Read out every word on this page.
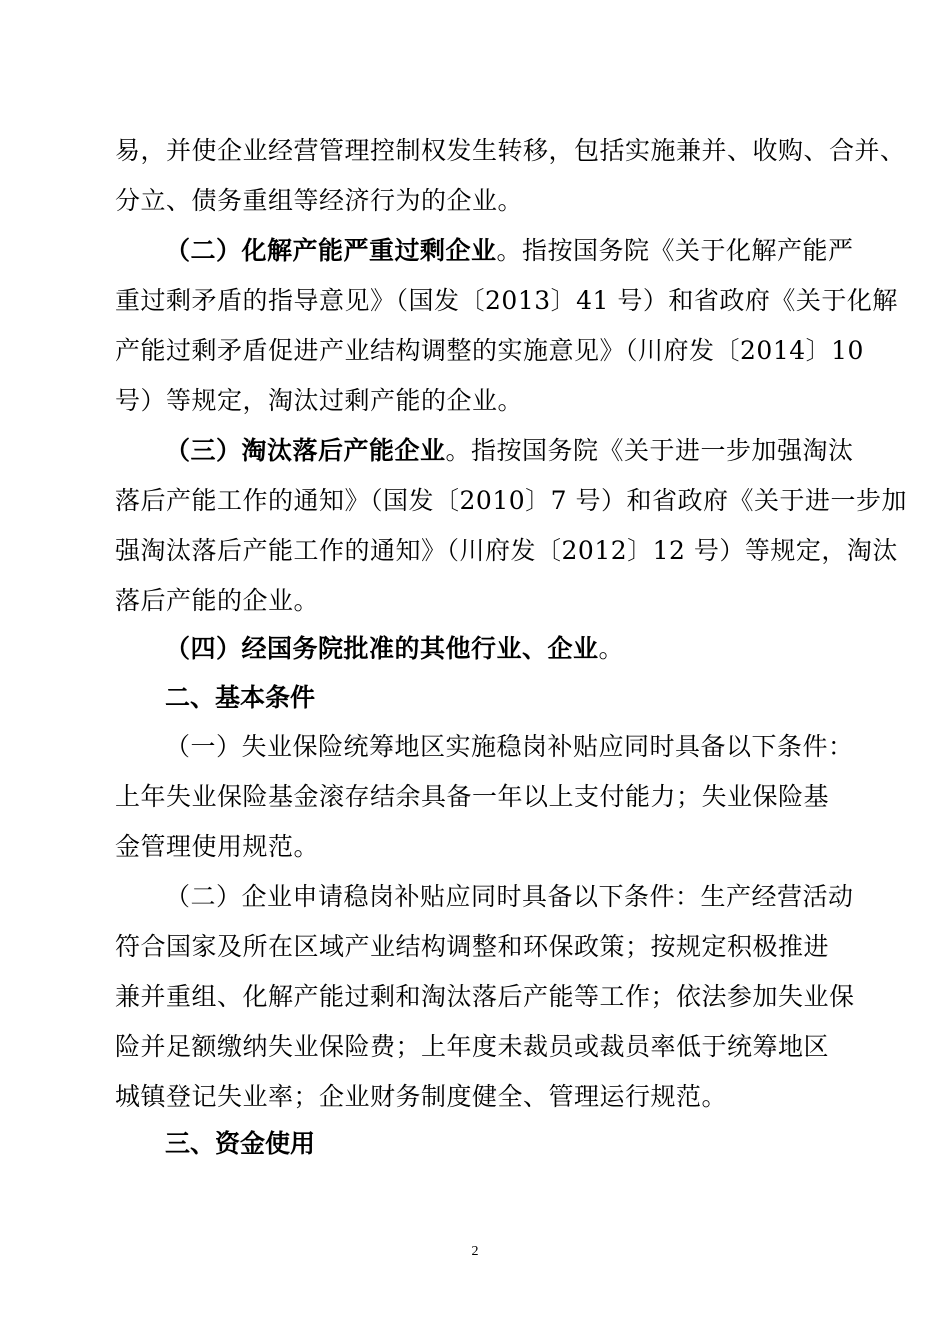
易，并使企业经营管理控制权发生转移，包括实施兼并、收购、合并、
分立、债务重组等经济行为的企业。
（二）化解产能严重过剩企业。指按国务院《关于化解产能严
重过剩矛盾的指导意见》（国发〔2013〕41 号）和省政府《关于化解
产能过剩矛盾促进产业结构调整的实施意见》（川府发〔2014〕10
号）等规定，淘汰过剩产能的企业。
（三）淘汰落后产能企业。指按国务院《关于进一步加强淘汰
落后产能工作的通知》（国发〔2010〕7 号）和省政府《关于进一步加
强淘汰落后产能工作的通知》（川府发〔2012〕12 号）等规定，淘汰
落后产能的企业。
（四）经国务院批准的其他行业、企业。
二、基本条件
（一）失业保险统筹地区实施稳岗补贴应同时具备以下条件：
上年失业保险基金滚存结余具备一年以上支付能力；失业保险基
金管理使用规范。
（二）企业申请稳岗补贴应同时具备以下条件：生产经营活动
符合国家及所在区域产业结构调整和环保政策；按规定积极推进
兼并重组、化解产能过剩和淘汰落后产能等工作；依法参加失业保
险并足额缴纳失业保险费；上年度未裁员或裁员率低于统筹地区
城镇登记失业率；企业财务制度健全、管理运行规范。
三、资金使用
2
